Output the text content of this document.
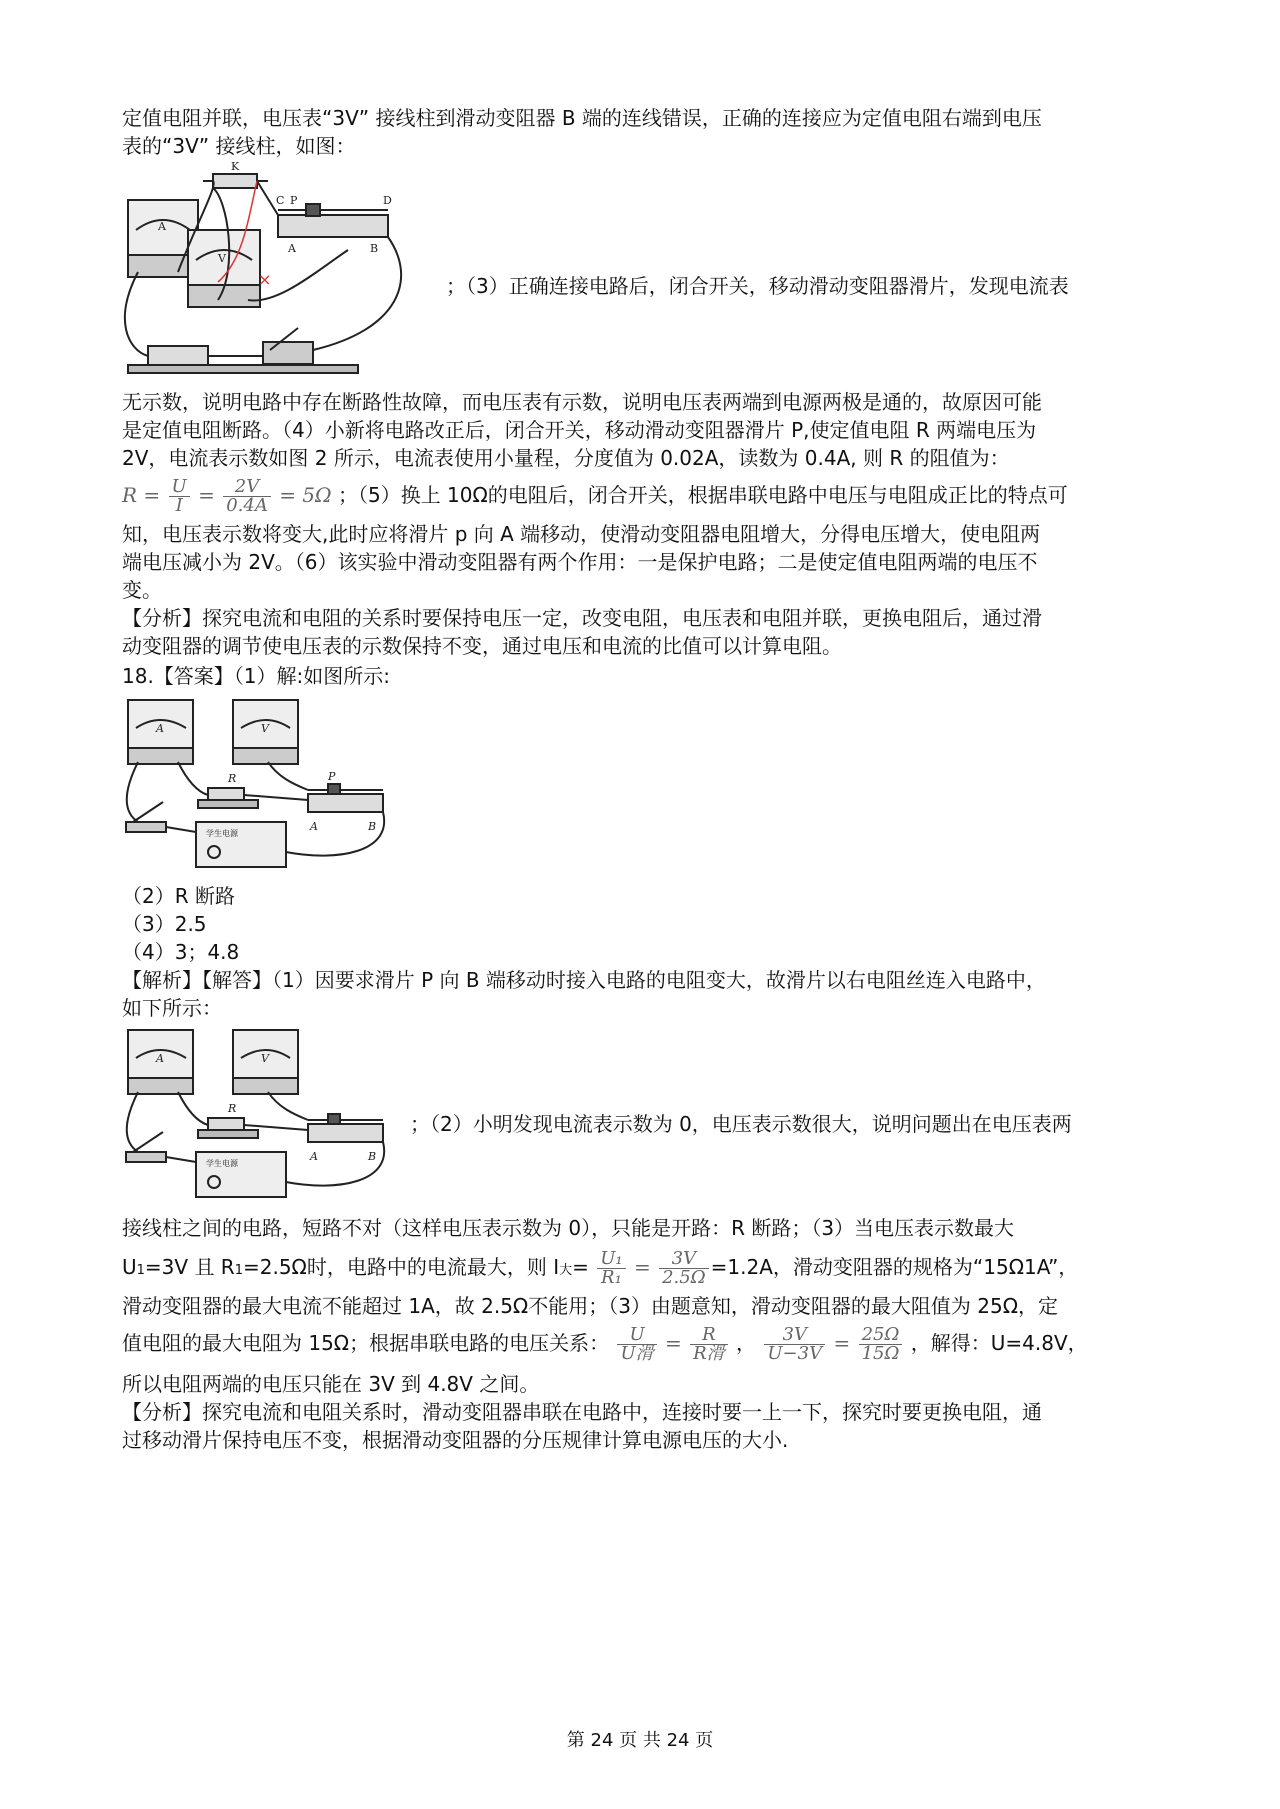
定值电阻并联，电压表“3V” 接线柱到滑动变阻器 B 端的连线错误，正确的连接应为定值电阻右端到电压
表的“3V” 接线柱，如图：
×
K
C P	D
A	B
A
V
；（3）正确连接电路后，闭合开关，移动滑动变阻器滑片，发现电流表
无示数，说明电路中存在断路性故障，而电压表有示数，说明电压表两端到电源两极是通的，故原因可能
是定值电阻断路。（4）小新将电路改正后，闭合开关，移动滑动变阻器滑片 P,使定值电阻 R 两端电压为
2V，电流表示数如图 2 所示，电流表使用小量程，分度值为 0.02A，读数为 0.4A, 则 R 的阻值为：
$R = \frac{U}{I} = \frac{2V}{0.4A} = 5\Omega$ ；（5）换上 10Ω的电阻后，闭合开关，根据串联电路中电压与电阻成正比的特点可
知，电压表示数将变大,此时应将滑片 p 向 A 端移动，使滑动变阻器电阻增大，分得电压增大，使电阻两
端电压减小为 2V。（6）该实验中滑动变阻器有两个作用：一是保护电路；二是使定值电阻两端的电压不
变。
【分析】探究电流和电阻的关系时要保持电压一定，改变电阻，电压表和电阻并联，更换电阻后，通过滑
动变阻器的调节使电压表的示数保持不变，通过电压和电流的比值可以计算电阻。
18.【答案】（1）解:如图所示:
A	V
R	P
A	B
学生电源
（2）R 断路
（3）2.5
（4）3；4.8
【解析】【解答】（1）因要求滑片 P 向 B 端移动时接入电路的电阻变大，故滑片以右电阻丝连入电路中，
如下所示：
A	V
R
A	B
学生电源
；（2）小明发现电流表示数为 0，电压表示数很大，说明问题出在电压表两
接线柱之间的电路，短路不对（这样电压表示数为 0），只能是开路：R 断路；（3）当电压表示数最大
U1=3V 且 R1=2.5Ω时，电路中的电流最大，则 I大= $\frac{\text{U₁}}{\text{R₁}} = \frac{3V}{2.5\Omega} =1.2A$，滑动变阻器的规格为“15Ω1A”，
滑动变阻器的最大电流不能超过 1A，故 2.5Ω不能用；（3）由题意知，滑动变阻器的最大阻值为 25Ω，定
值电阻的最大电阻为 15Ω；根据串联电路的电压关系： $\frac{U}{\text{U滑}} = \frac{R}{\text{R滑}}$ ， $\frac{3V}{U-3V} = \frac{25\Omega}{15\Omega}$ ，解得：U=4.8V，
所以电阻两端的电压只能在 3V 到 4.8V 之间。
【分析】探究电流和电阻关系时，滑动变阻器串联在电路中，连接时要一上一下，探究时要更换电阻，通
过移动滑片保持电压不变，根据滑动变阻器的分压规律计算电源电压的大小.
第 24 页 共 24 页
